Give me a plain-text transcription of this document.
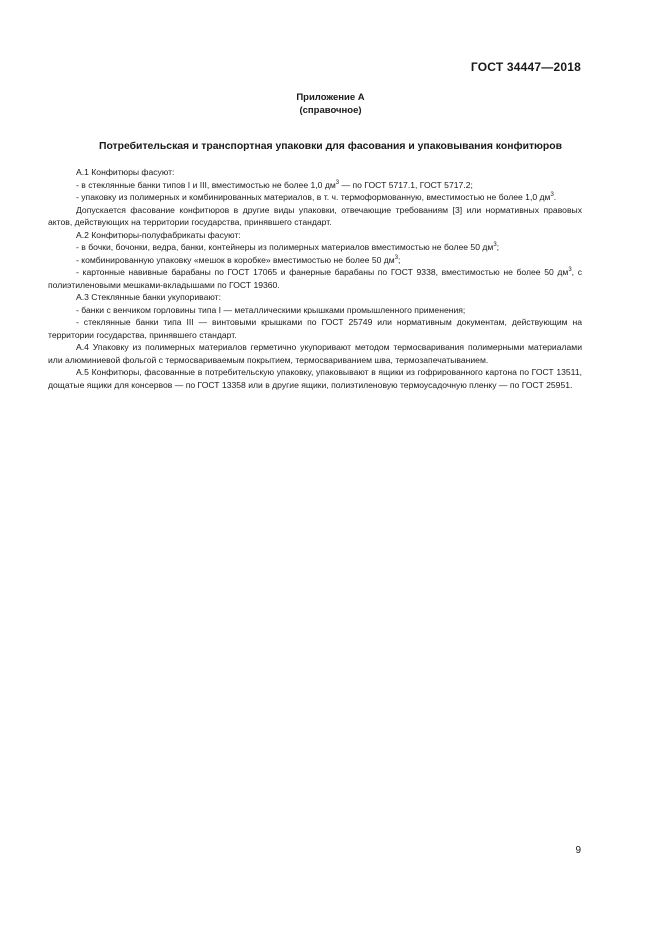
ГОСТ 34447—2018
Приложение А
(справочное)
Потребительская и транспортная упаковки для фасования и упаковывания конфитюров

А.1 Конфитюры фасуют:

- в стеклянные банки типов I и III, вместимостью не более 1,0 $дм^3$ — по ГОСТ 5717.1, ГОСТ 5717.2;

- упаковку из полимерных и комбинированных материалов, в т. ч. термоформованную, вместимостью не более 1,0 $дм^3$.

Допускается фасование конфитюров в другие виды упаковки, отвечающие требованиям [3] или нормативных правовых актов, действующих на территории государства, принявшего стандарт.

А.2 Конфитюры-полуфабрикаты фасуют:

- в бочки, бочонки, ведра, банки, контейнеры из полимерных материалов вместимостью не более 50 $дм^3$;

- комбинированную упаковку «мешок в коробке» вместимостью не более 50 $дм^3$;

- картонные навивные барабаны по ГОСТ 17065 и фанерные барабаны по ГОСТ 9338, вместимостью не более 50 $дм^3$, с полиэтиленовыми мешками-вкладышами по ГОСТ 19360.

А.3 Стеклянные банки укупоривают:

- банки с венчиком горловины типа I — металлическими крышками промышленного применения;

- стеклянные банки типа III — винтовыми крышками по ГОСТ 25749 или нормативным документам, действующим на территории государства, принявшего стандарт.

А.4 Упаковку из полимерных материалов герметично укупоривают методом термосваривания полимерными материалами или алюминиевой фольгой с термосвариваемым покрытием, термосвариванием шва, термозапечатыванием.

А.5 Конфитюры, фасованные в потребительскую упаковку, упаковывают в ящики из гофрированного картона по ГОСТ 13511, дощатые ящики для консервов — по ГОСТ 13358 или в другие ящики, полиэтиленовую термоусадочную пленку — по ГОСТ 25951.

9
